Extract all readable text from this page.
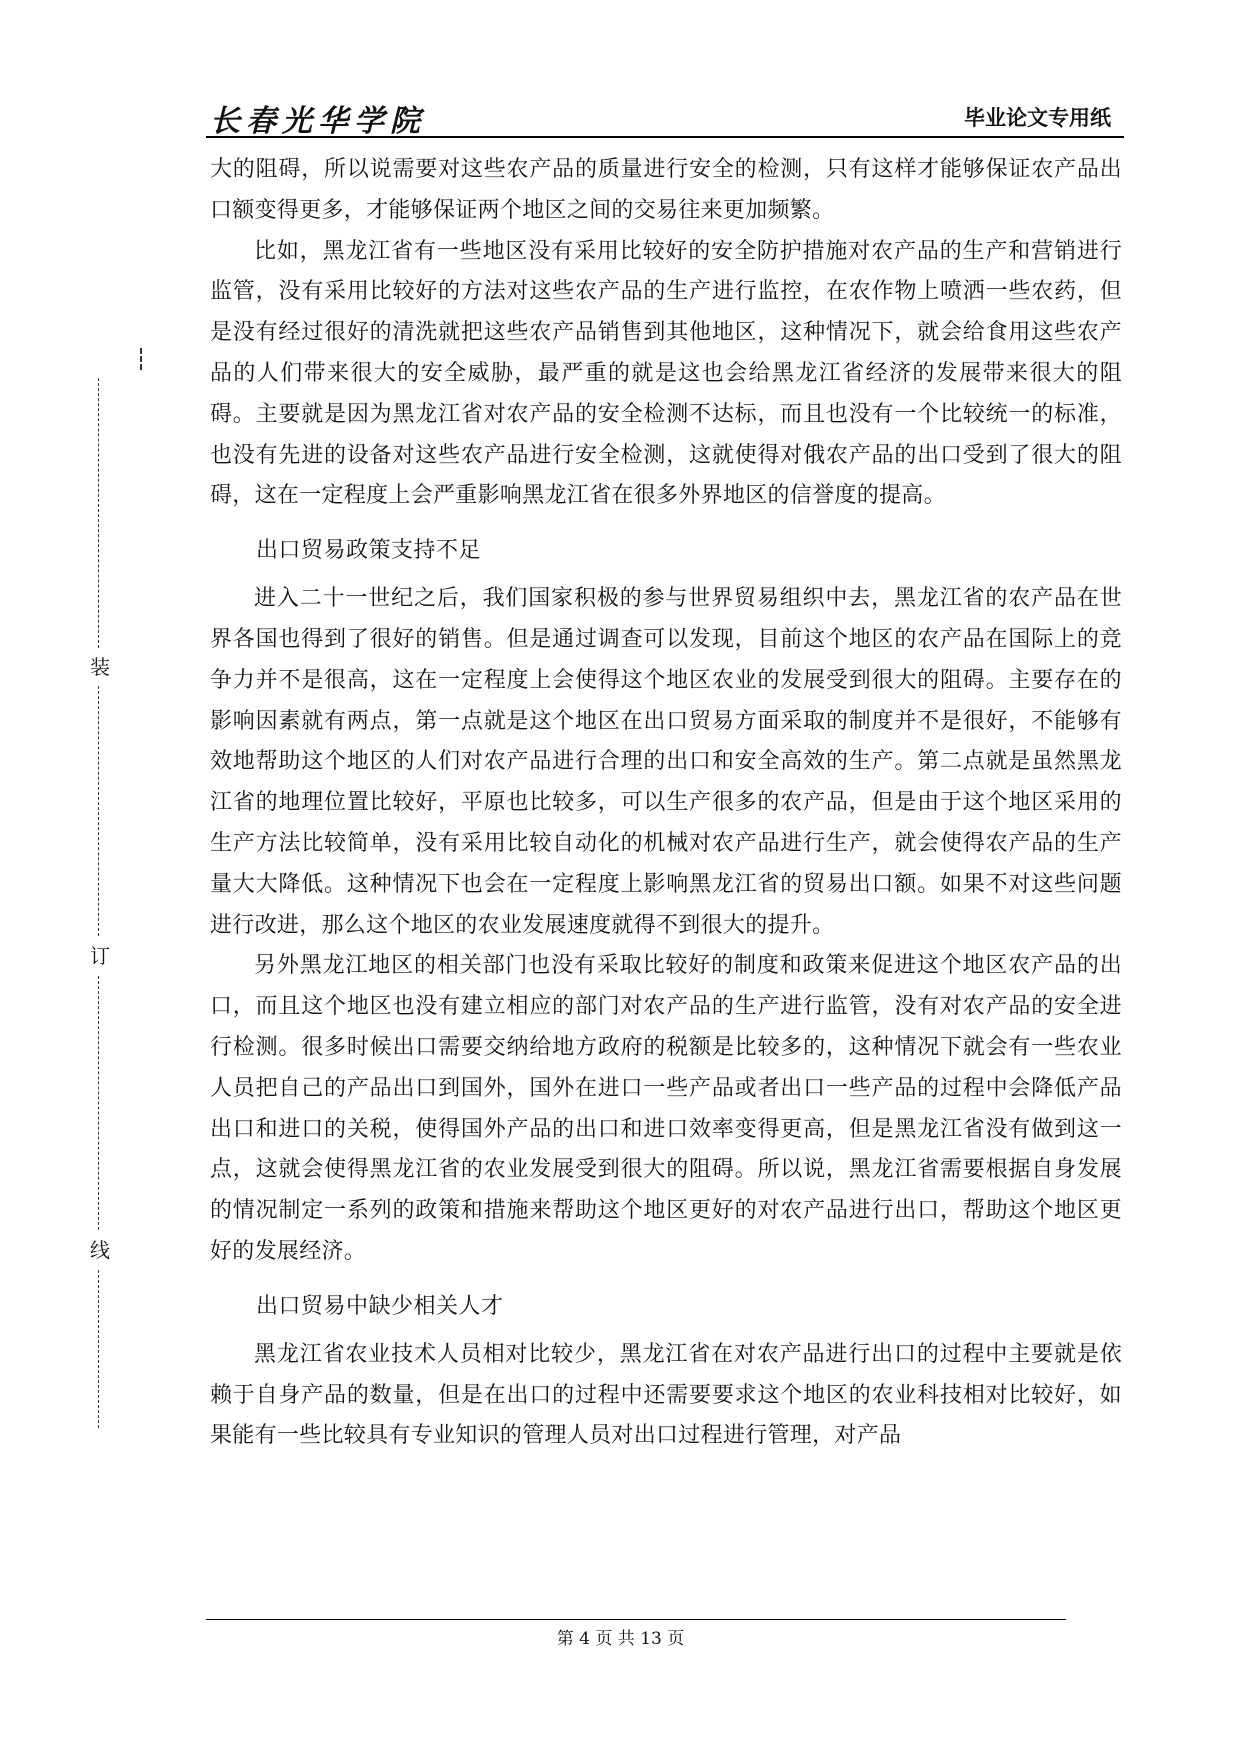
长春光华学院	毕业论文专用纸
装
订
线

大的阻碍，所以说需要对这些农产品的质量进行安全的检测，只有这样才能够保证农产品出口额变得更多，才能够保证两个地区之间的交易往来更加频繁。

比如，黑龙江省有一些地区没有采用比较好的安全防护措施对农产品的生产和营销进行监管，没有采用比较好的方法对这些农产品的生产进行监控，在农作物上喷洒一些农药，但是没有经过很好的清洗就把这些农产品销售到其他地区，这种情况下，就会给食用这些农产品的人们带来很大的安全威胁，最严重的就是这也会给黑龙江省经济的发展带来很大的阻碍。主要就是因为黑龙江省对农产品的安全检测不达标，而且也没有一个比较统一的标准，也没有先进的设备对这些农产品进行安全检测，这就使得对俄农产品的出口受到了很大的阻碍，这在一定程度上会严重影响黑龙江省在很多外界地区的信誉度的提高。

出口贸易政策支持不足

进入二十一世纪之后，我们国家积极的参与世界贸易组织中去，黑龙江省的农产品在世界各国也得到了很好的销售。但是通过调查可以发现，目前这个地区的农产品在国际上的竞争力并不是很高，这在一定程度上会使得这个地区农业的发展受到很大的阻碍。主要存在的影响因素就有两点，第一点就是这个地区在出口贸易方面采取的制度并不是很好，不能够有效地帮助这个地区的人们对农产品进行合理的出口和安全高效的生产。第二点就是虽然黑龙江省的地理位置比较好，平原也比较多，可以生产很多的农产品，但是由于这个地区采用的生产方法比较简单，没有采用比较自动化的机械对农产品进行生产，就会使得农产品的生产量大大降低。这种情况下也会在一定程度上影响黑龙江省的贸易出口额。如果不对这些问题进行改进，那么这个地区的农业发展速度就得不到很大的提升。

另外黑龙江地区的相关部门也没有采取比较好的制度和政策来促进这个地区农产品的出口，而且这个地区也没有建立相应的部门对农产品的生产进行监管，没有对农产品的安全进行检测。很多时候出口需要交纳给地方政府的税额是比较多的，这种情况下就会有一些农业人员把自己的产品出口到国外，国外在进口一些产品或者出口一些产品的过程中会降低产品出口和进口的关税，使得国外产品的出口和进口效率变得更高，但是黑龙江省没有做到这一点，这就会使得黑龙江省的农业发展受到很大的阻碍。所以说，黑龙江省需要根据自身发展的情况制定一系列的政策和措施来帮助这个地区更好的对农产品进行出口，帮助这个地区更好的发展经济。

出口贸易中缺少相关人才

黑龙江省农业技术人员相对比较少，黑龙江省在对农产品进行出口的过程中主要就是依赖于自身产品的数量，但是在出口的过程中还需要要求这个地区的农业科技相对比较好，如果能有一些比较具有专业知识的管理人员对出口过程进行管理，对产品

第 4 页 共 13 页
